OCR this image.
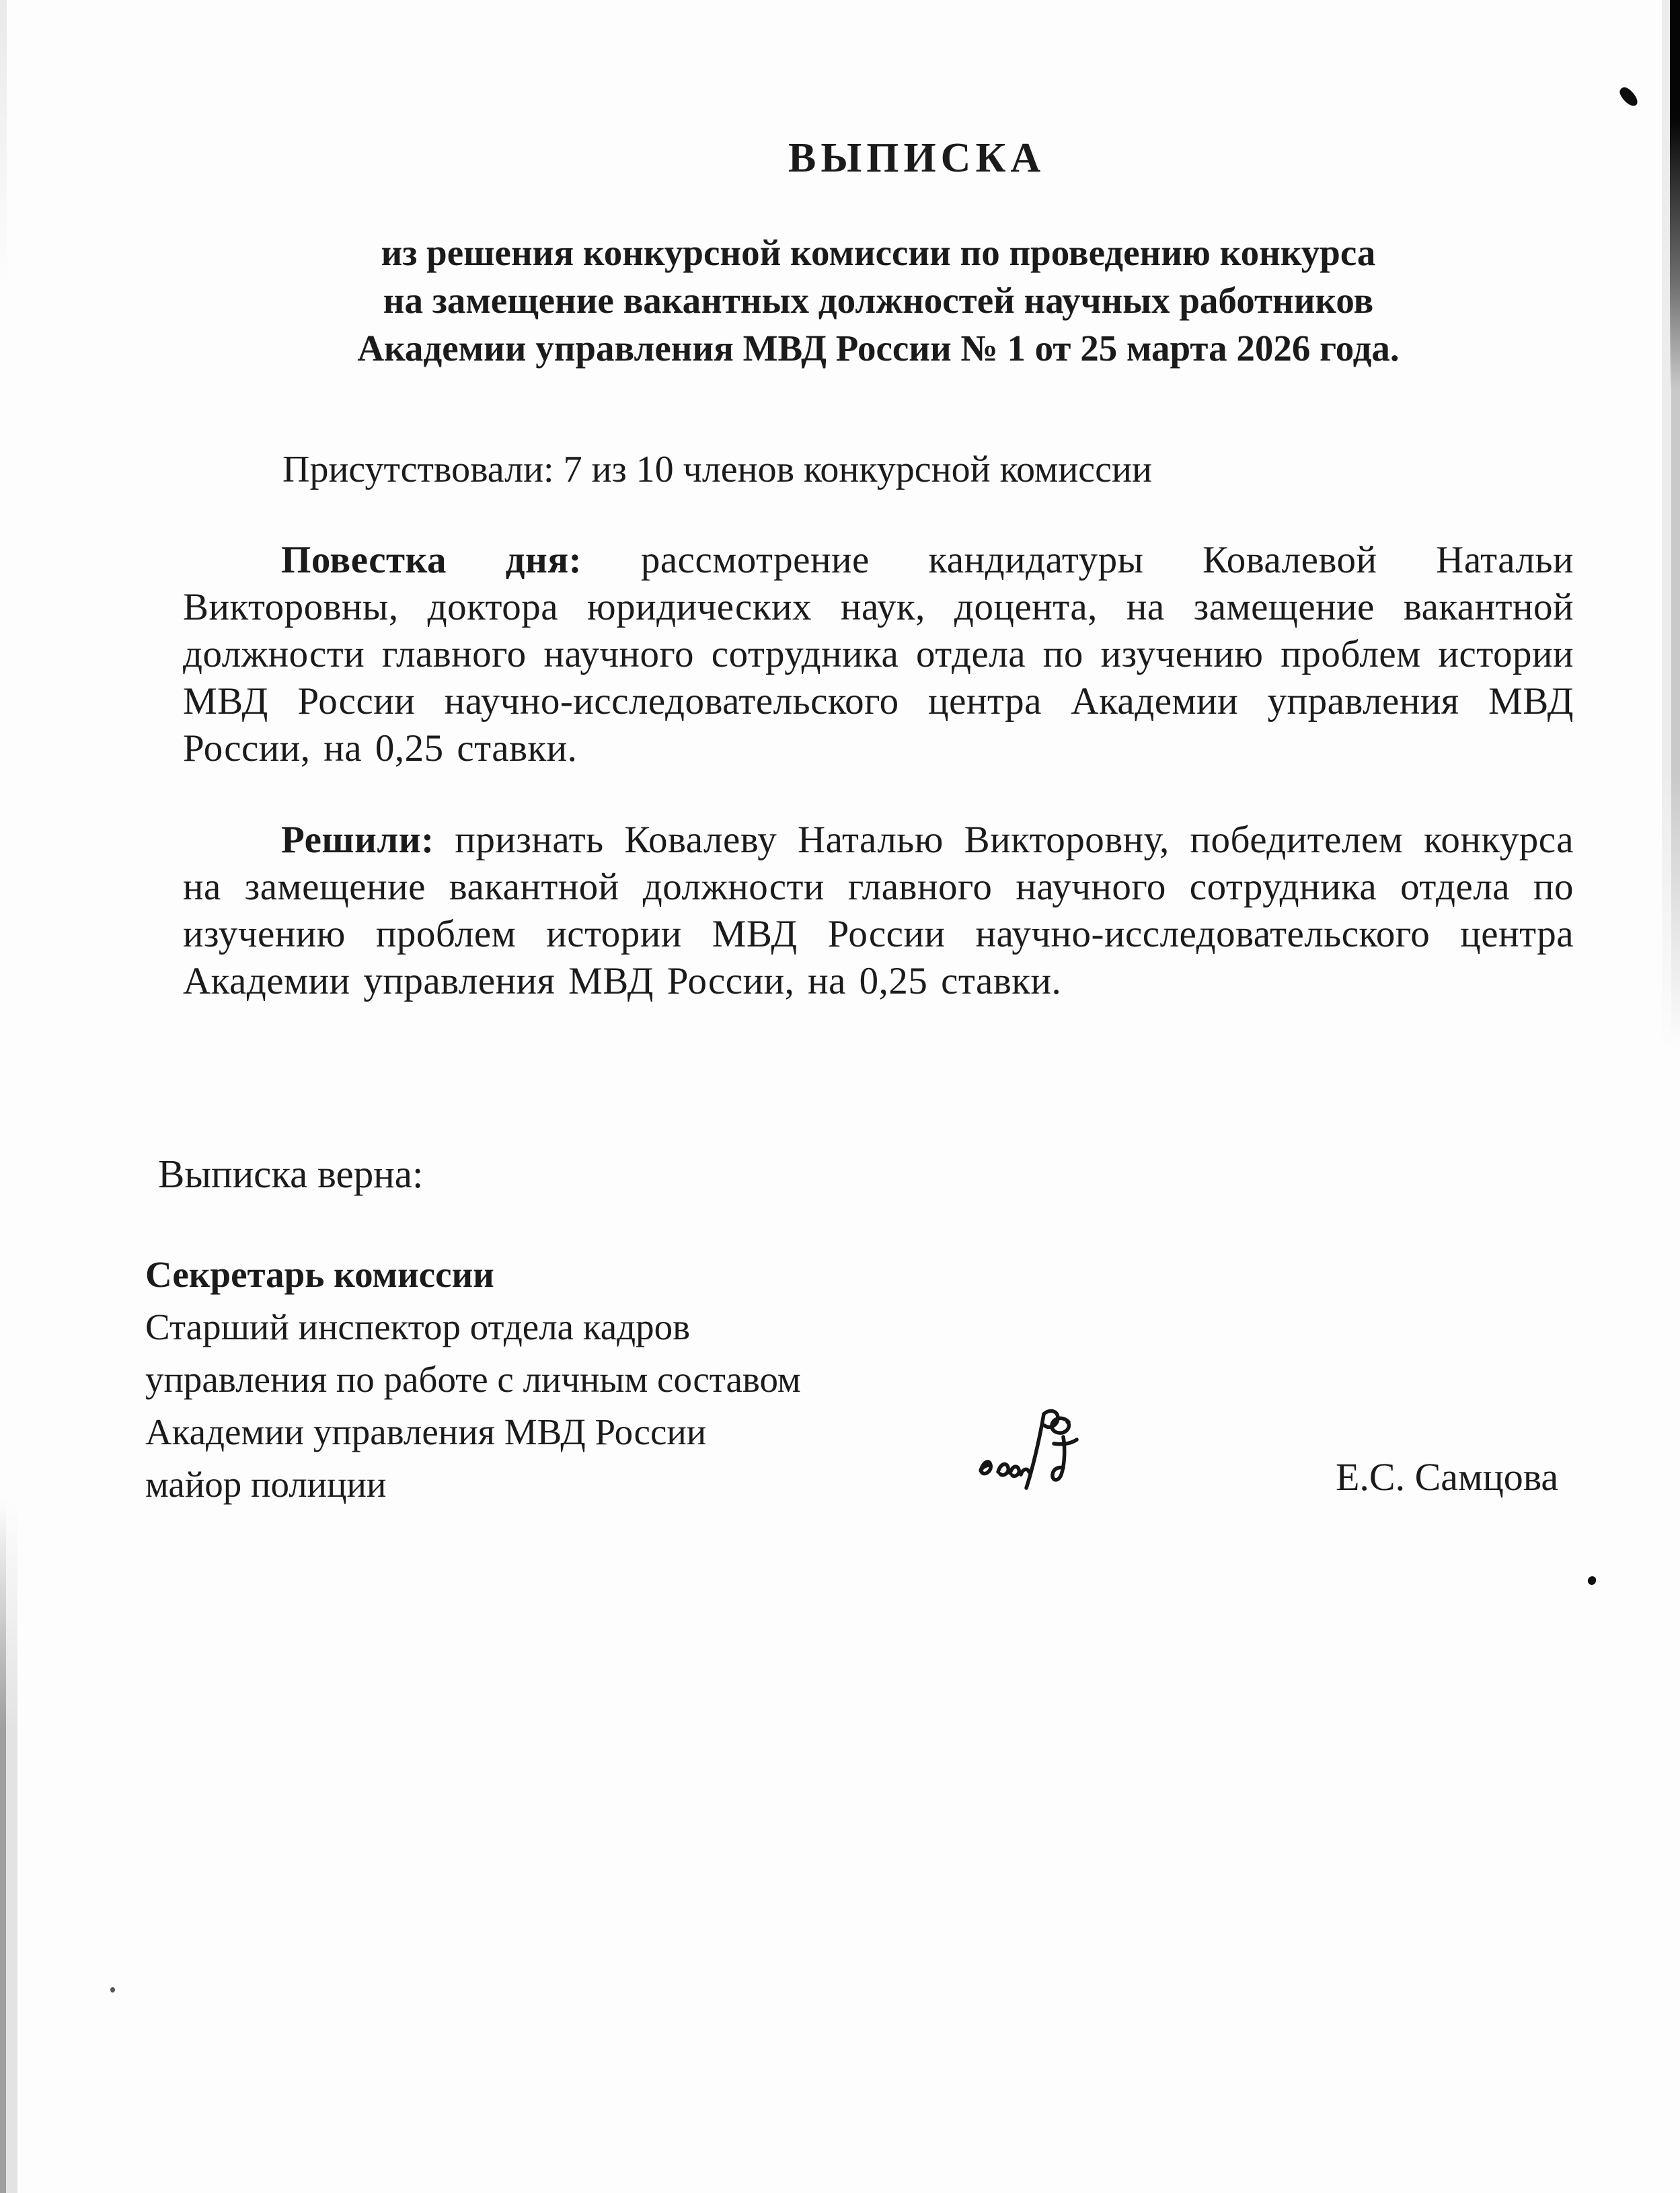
ВЫПИСКА
из решения конкурсной комиссии по проведению конкурса
на замещение вакантных должностей научных работников
Академии управления МВД России № 1 от 25 марта 2026 года.

Присутствовали: 7 из 10 членов конкурсной комиссии

Повестка дня: рассмотрение кандидатуры Ковалевой Натальи Викторовны, доктора юридических наук, доцента, на замещение вакантной должности главного научного сотрудника отдела по изучению проблем истории МВД России научно-исследовательского центра Академии управления МВД России, на 0,25 ставки.

Решили: признать Ковалеву Наталью Викторовну, победителем конкурса на замещение вакантной должности главного научного сотрудника отдела по изучению проблем истории МВД России научно-исследовательского центра Академии управления МВД России, на 0,25 ставки.

Выписка верна:

Секретарь комиссии
Старший инспектор отдела кадров
управления по работе с личным составом
Академии управления МВД России
майор полиции	Е.С. Самцова
